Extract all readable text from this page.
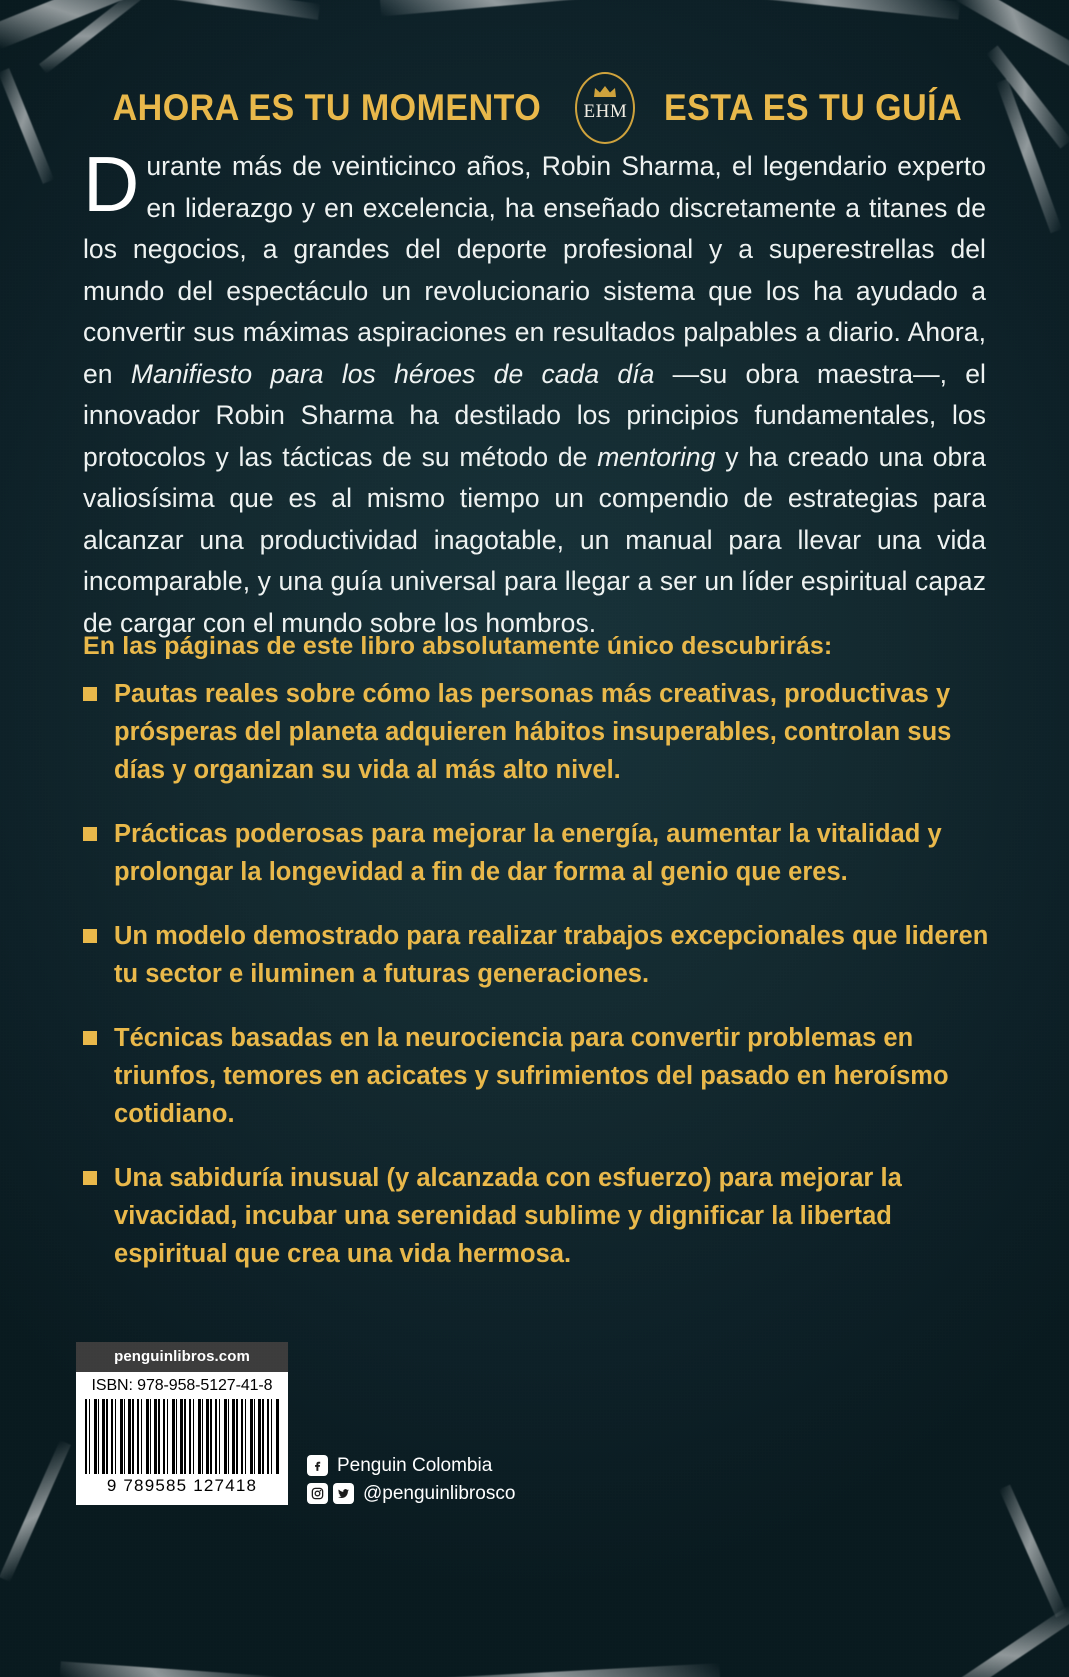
AHORA ES TU MOMENTO	EHM ESTA ES TU GUÍA
Durante más de veinticinco años, Robin Sharma, el legendario experto en liderazgo y en excelencia, ha enseñado discretamente a titanes de los negocios, a grandes del deporte profesional y a superestrellas del mundo del espectáculo un revolucionario sistema que los ha ayudado a convertir sus máximas aspiraciones en resultados palpables a diario. Ahora, en Manifiesto para los héroes de cada día —su obra maestra—, el innovador Robin Sharma ha destilado los principios fundamentales, los protocolos y las tácticas de su método de mentoring y ha creado una obra valiosísima que es al mismo tiempo un compendio de estrategias para alcanzar una productividad inagotable, un manual para llevar una vida incomparable, y una guía universal para llegar a ser un líder espiritual capaz de cargar con el mundo sobre los hombros.
En las páginas de este libro absolutamente único descubrirás:
Pautas reales sobre cómo las personas más creativas, productivas y prósperas del planeta adquieren hábitos insuperables, controlan sus días y organizan su vida al más alto nivel.
Prácticas poderosas para mejorar la energía, aumentar la vitalidad y prolongar la longevidad a fin de dar forma al genio que eres.
Un modelo demostrado para realizar trabajos excepcionales que lideren tu sector e iluminen a futuras generaciones.
Técnicas basadas en la neurociencia para convertir problemas en triunfos, temores en acicates y sufrimientos del pasado en heroísmo cotidiano.
Una sabiduría inusual (y alcanzada con esfuerzo) para mejorar la vivacidad, incubar una serenidad sublime y dignificar la libertad espiritual que crea una vida hermosa.
penguinlibros.com
ISBN: 978-958-5127-41-8
9 789585 127418
Penguin Colombia
@penguinlibrosco
